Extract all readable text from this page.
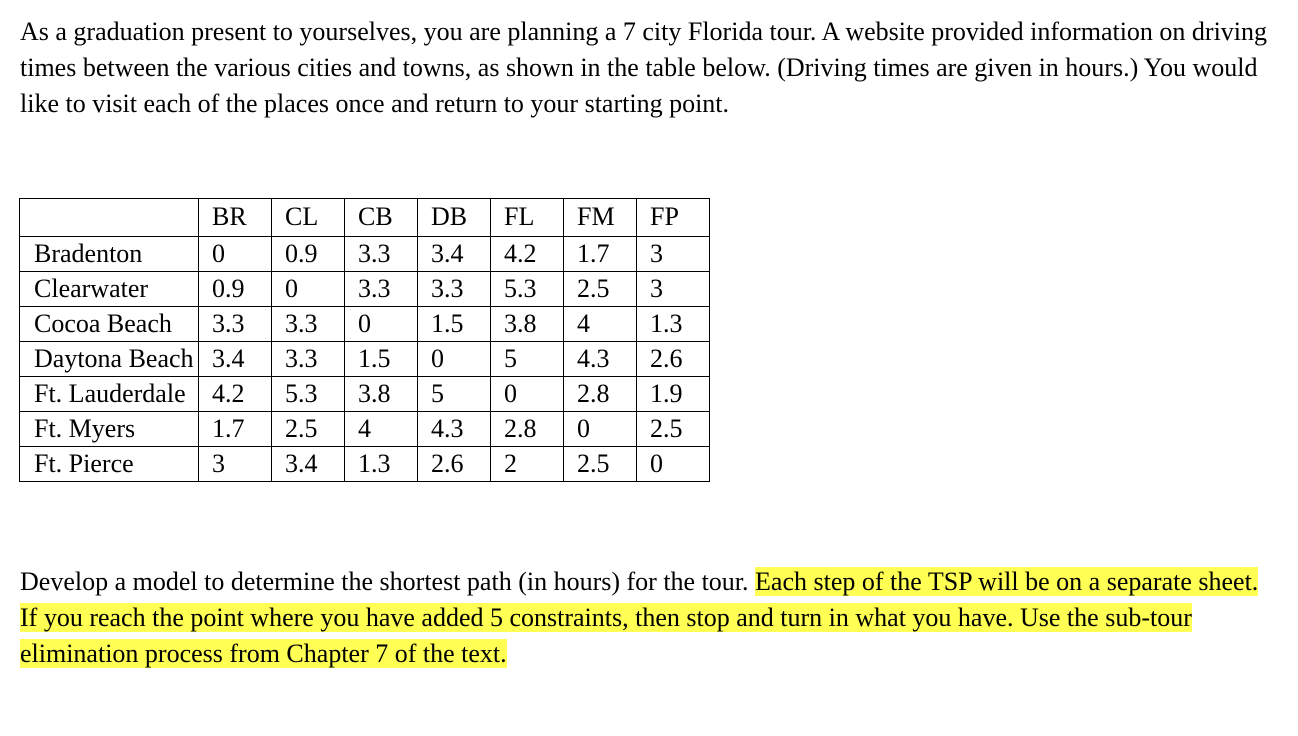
As a graduation present to yourselves, you are planning a 7 city Florida tour. A website provided information on driving times between the various cities and towns, as shown in the table below. (Driving times are given in hours.) You would like to visit each of the places once and return to your starting point.

	BR	CL	CB	DB	FL	FM	FP
Bradenton	0	0.9	3.3	3.4	4.2	1.7	3
Clearwater	0.9	0	3.3	3.3	5.3	2.5	3
Cocoa Beach	3.3	3.3	0	1.5	3.8	4	1.3
Daytona Beach	3.4	3.3	1.5	0	5	4.3	2.6
Ft. Lauderdale	4.2	5.3	3.8	5	0	2.8	1.9
Ft. Myers	1.7	2.5	4	4.3	2.8	0	2.5
Ft. Pierce	3	3.4	1.3	2.6	2	2.5	0

Develop a model to determine the shortest path (in hours) for the tour. Each step of the TSP will be on a separate sheet. If you reach the point where you have added 5 constraints, then stop and turn in what you have. Use the sub-tour elimination process from Chapter 7 of the text.
